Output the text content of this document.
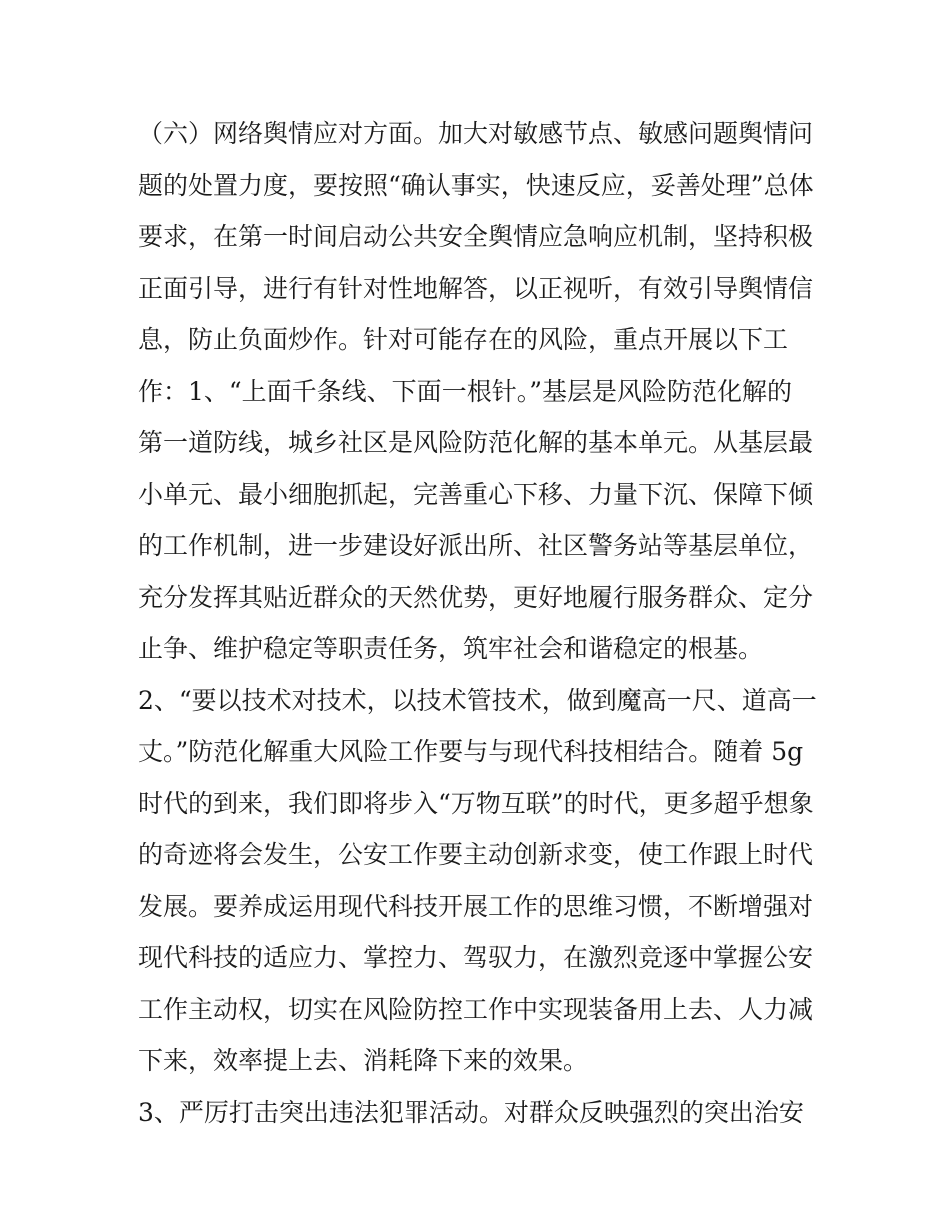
（六）网络舆情应对方面。加大对敏感节点、敏感问题舆情问
题的处置力度，要按照“确认事实，快速反应，妥善处理”总体
要求，在第一时间启动公共安全舆情应急响应机制，坚持积极
正面引导，进行有针对性地解答，以正视听，有效引导舆情信
息，防止负面炒作。针对可能存在的风险，重点开展以下工
作：1、“上面千条线、下面一根针。”基层是风险防范化解的
第一道防线，城乡社区是风险防范化解的基本单元。从基层最
小单元、最小细胞抓起，完善重心下移、力量下沉、保障下倾
的工作机制，进一步建设好派出所、社区警务站等基层单位，
充分发挥其贴近群众的天然优势，更好地履行服务群众、定分
止争、维护稳定等职责任务，筑牢社会和谐稳定的根基。
2、“要以技术对技术，以技术管技术，做到魔高一尺、道高一
丈。”防范化解重大风险工作要与与现代科技相结合。随着 5g
时代的到来，我们即将步入“万物互联”的时代，更多超乎想象
的奇迹将会发生，公安工作要主动创新求变，使工作跟上时代
发展。要养成运用现代科技开展工作的思维习惯，不断增强对
现代科技的适应力、掌控力、驾驭力，在激烈竞逐中掌握公安
工作主动权，切实在风险防控工作中实现装备用上去、人力减
下来，效率提上去、消耗降下来的效果。
3、严厉打击突出违法犯罪活动。对群众反映强烈的突出治安
